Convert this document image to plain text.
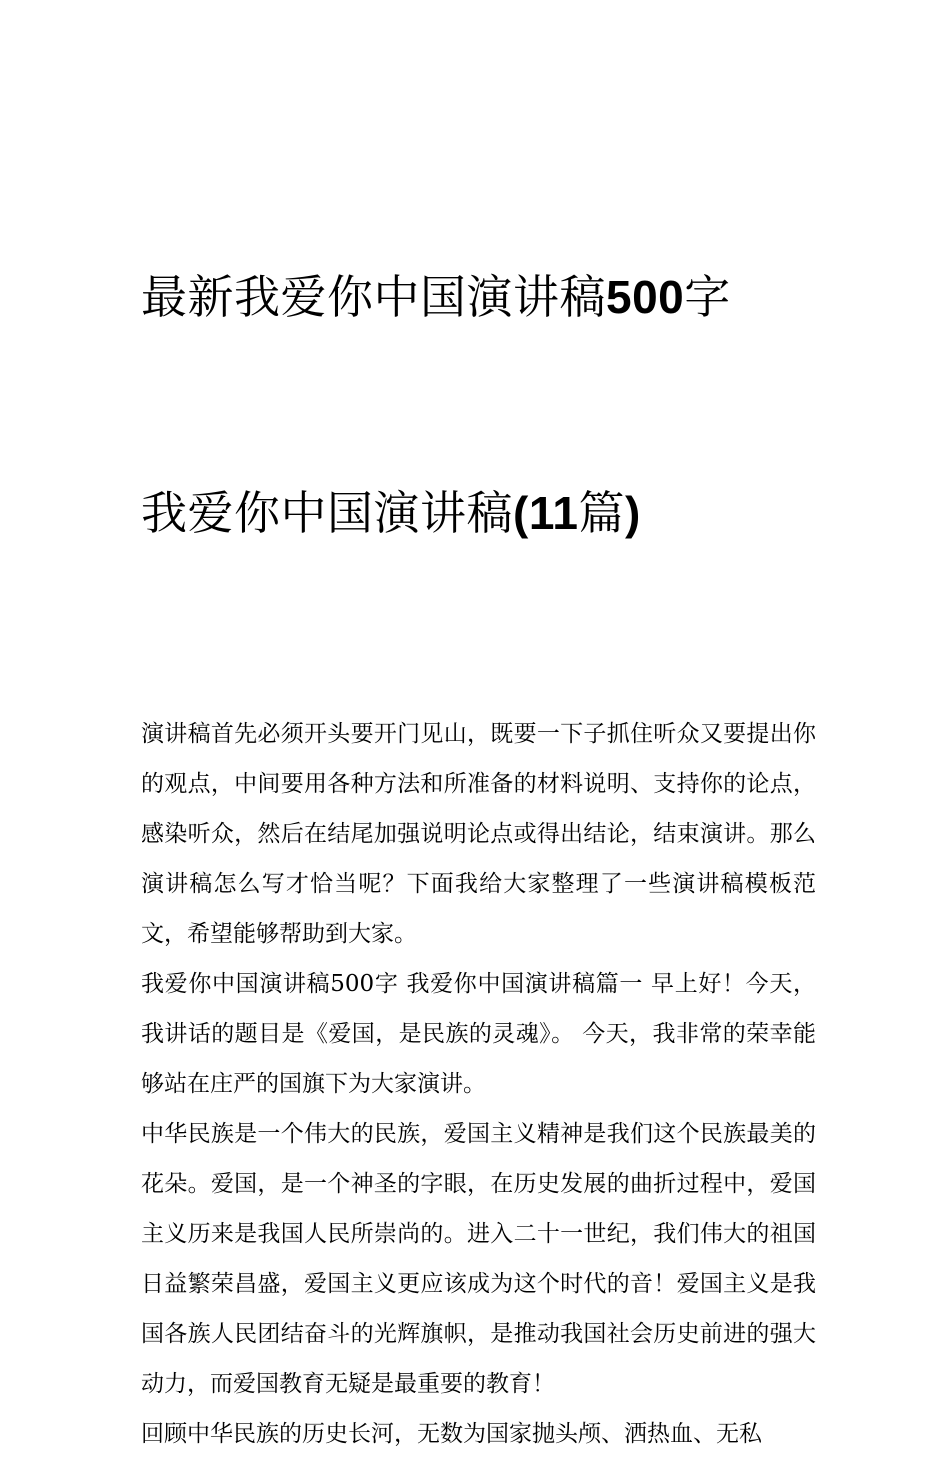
最新我爱你中国演讲稿500字

我爱你中国演讲稿(11篇)

演讲稿首先必须开头要开门见山，既要一下子抓住听众又要提出你的观点，中间要用各种方法和所准备的材料说明、支持你的论点，感染听众，然后在结尾加强说明论点或得出结论，结束演讲。那么演讲稿怎么写才恰当呢？下面我给大家整理了一些演讲稿模板范文，希望能够帮助到大家。

我爱你中国演讲稿500字 我爱你中国演讲稿篇一 早上好！今天，我讲话的题目是《爱国，是民族的灵魂》。 今天，我非常的荣幸能够站在庄严的国旗下为大家演讲。

中华民族是一个伟大的民族，爱国主义精神是我们这个民族最美的花朵。爱国，是一个神圣的字眼，在历史发展的曲折过程中，爱国主义历来是我国人民所崇尚的。进入二十一世纪，我们伟大的祖国日益繁荣昌盛，爱国主义更应该成为这个时代的音！爱国主义是我国各族人民团结奋斗的光辉旗帜，是推动我国社会历史前进的强大动力，而爱国教育无疑是最重要的教育！

回顾中华民族的历史长河，无数为国家抛头颅、洒热血、无私
